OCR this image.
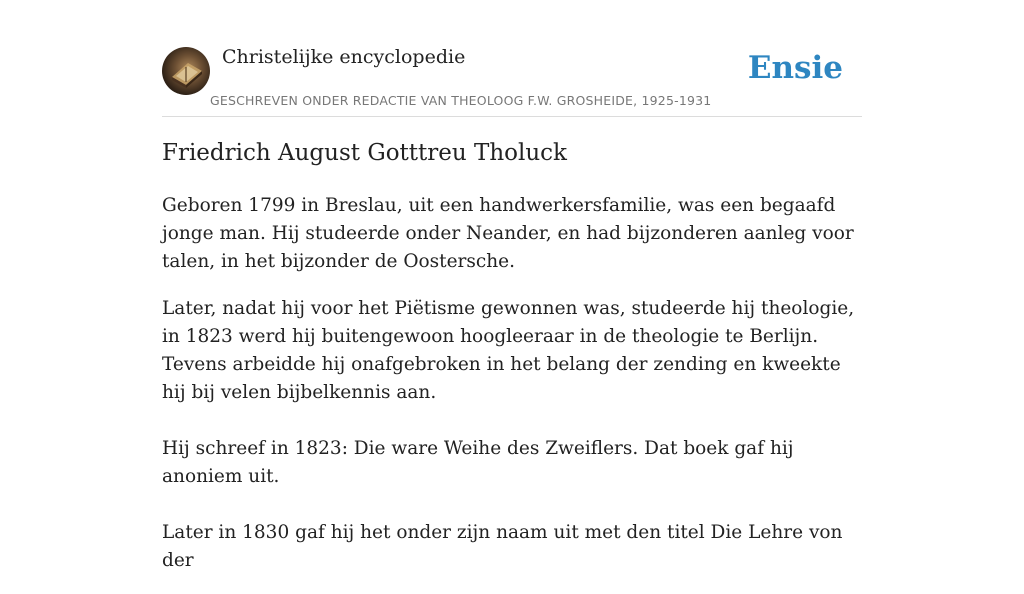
Christelijke encyclopedie
GESCHREVEN ONDER REDACTIE VAN THEOLOOG F.W. GROSHEIDE, 1925-1931
Ensie
Friedrich August Gotttreu Tholuck

Geboren 1799 in Breslau, uit een handwerkersfamilie, was een begaafd jonge man. Hij studeerde onder Neander, en had bijzonderen aanleg voor talen, in het bijzonder de Oostersche.

Later, nadat hij voor het Piëtisme gewonnen was, studeerde hij theologie, in 1823 werd hij buitengewoon hoogleeraar in de theologie te Berlijn. Tevens arbeidde hij onafgebroken in het belang der zending en kweekte hij bij velen bijbelkennis aan.

Hij schreef in 1823: Die ware Weihe des Zweiflers. Dat boek gaf hij anoniem uit.

Later in 1830 gaf hij het onder zijn naam uit met den titel Die Lehre von der
